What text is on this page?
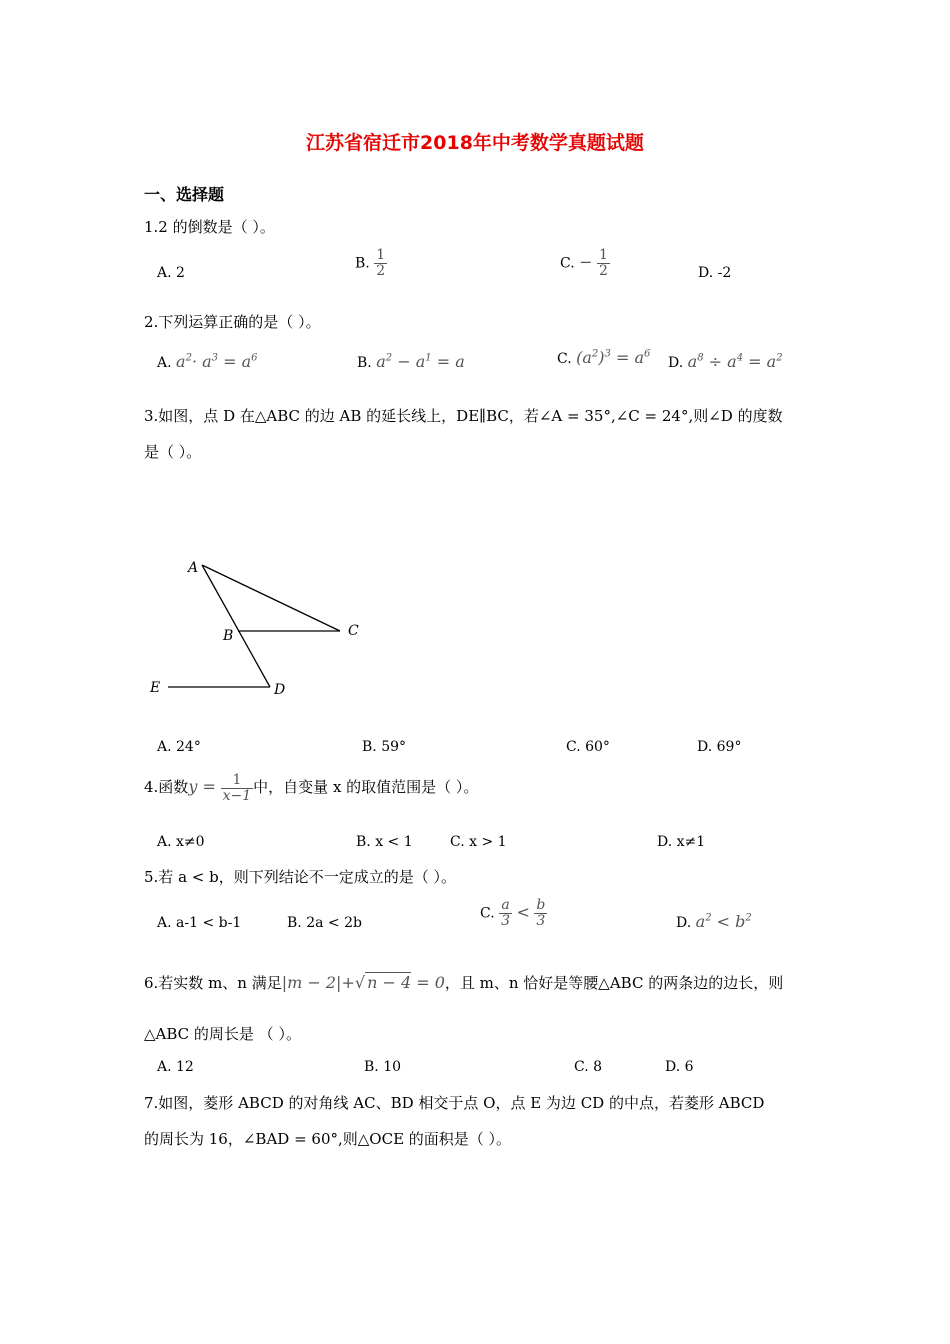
江苏省宿迁市2018年中考数学真题试题
一、选择题
1.2 的倒数是（ ）。
A. 2
B. $\frac{1}{2}$	C. − $\frac{1}{2}$	D. -2
2.下列运算正确的是（ ）。
A. $a^2\cdot a^3 = a^6$	B. $a^2 - a^1 = a$	C. $(a^2)^3 = a^6$
D. $a^8 \div a^4 = a^2$
3.如图，点 D 在△ABC 的边 AB 的延长线上，DE∥BC，若∠A = 35°,∠C = 24°,则∠D 的度数
是（ ）。
A
B	C
D
E
A. 24°	B. 59°	C. 60°	D. 69°
4.函数$y = \frac{1}{x-1}$ 中，自变量 x 的取值范围是（ ）。
A. x≠0	B. x < 1	C. x > 1	D. x≠1
5.若 a < b，则下列结论不一定成立的是（ ）。
A. a-1 < b-1	B. 2a < 2b
C. $\frac{a}{3} < \frac{b}{3}$	D. $a^2 < b^2$
6.若实数 m、n 满足|m − 2|+√ n − 4 = 0，且 m、n 恰好是等腰△ABC 的两条边的边长，则
△ABC 的周长是 （ ）。
A. 12	B. 10	C. 8	D. 6
7.如图，菱形 ABCD 的对角线 AC、BD 相交于点 O，点 E 为边 CD 的中点，若菱形 ABCD
的周长为 16，∠BAD = 60°,则△OCE 的面积是（ ）。
